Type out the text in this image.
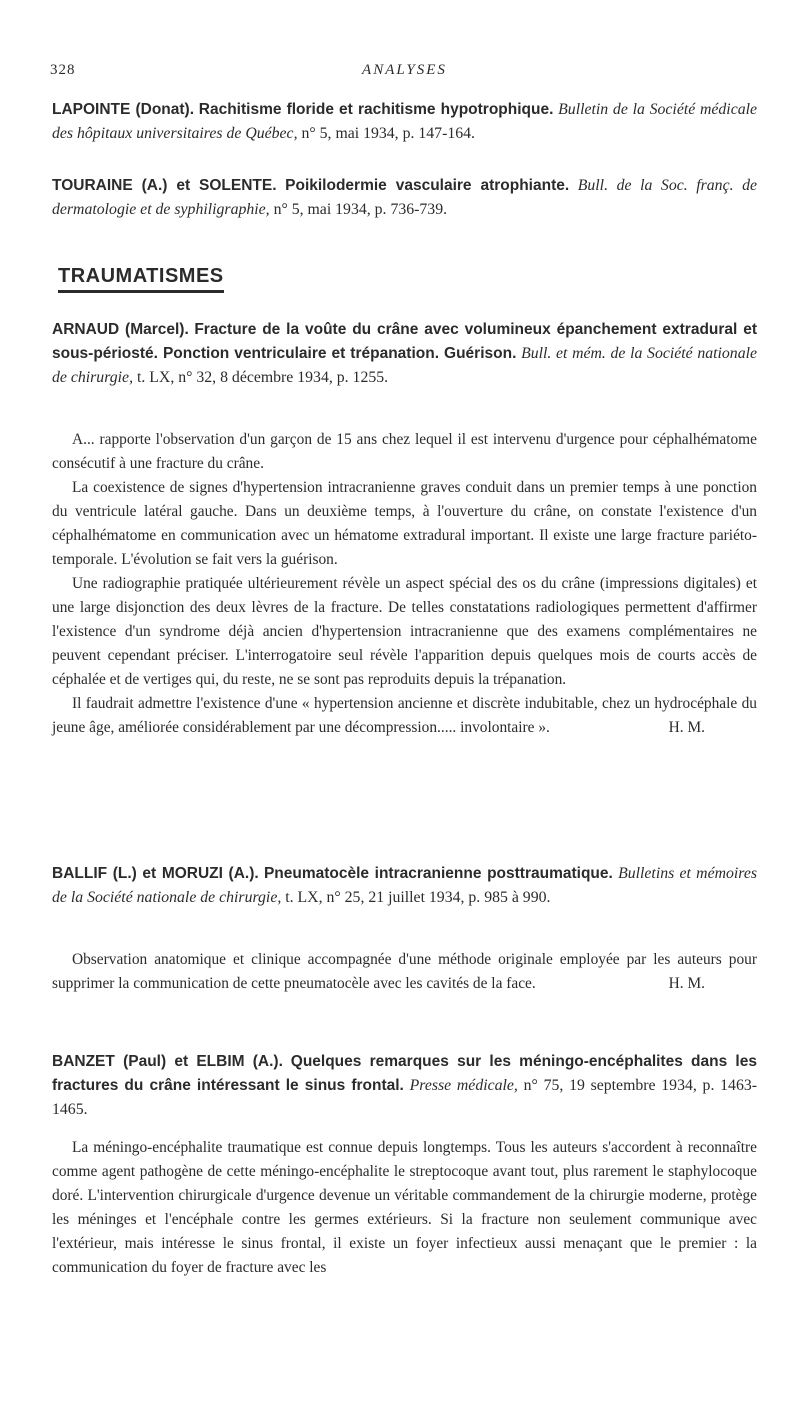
328	ANALYSES
LAPOINTE (Donat). Rachitisme floride et rachitisme hypotrophique. Bulletin de la Société médicale des hôpitaux universitaires de Québec, n° 5, mai 1934, p. 147-164.
TOURAINE (A.) et SOLENTE. Poikilodermie vasculaire atrophiante. Bull. de la Soc. franç. de dermatologie et de syphiligraphie, n° 5, mai 1934, p. 736-739.
TRAUMATISMES
ARNAUD (Marcel). Fracture de la voûte du crâne avec volumineux épanchement extradural et sous-périosté. Ponction ventriculaire et trépanation. Guérison. Bull. et mém. de la Société nationale de chirurgie, t. LX, n° 32, 8 décembre 1934, p. 1255.

A... rapporte l'observation d'un garçon de 15 ans chez lequel il est intervenu d'urgence pour céphalhématome consécutif à une fracture du crâne.

La coexistence de signes d'hypertension intracranienne graves conduit dans un premier temps à une ponction du ventricule latéral gauche. Dans un deuxième temps, à l'ouverture du crâne, on constate l'existence d'un céphalhématome en communication avec un hématome extradural important. Il existe une large fracture pariéto-temporale. L'évolution se fait vers la guérison.

Une radiographie pratiquée ultérieurement révèle un aspect spécial des os du crâne (impressions digitales) et une large disjonction des deux lèvres de la fracture. De telles constatations radiologiques permettent d'affirmer l'existence d'un syndrome déjà ancien d'hypertension intracranienne que des examens complémentaires ne peuvent cependant préciser. L'interrogatoire seul révèle l'apparition depuis quelques mois de courts accès de céphalée et de vertiges qui, du reste, ne se sont pas reproduits depuis la trépanation.

Il faudrait admettre l'existence d'une « hypertension ancienne et discrète indubitable, chez un hydrocéphale du jeune âge, améliorée considérablement par une décompression..... involontaire ».	H. M.

BALLIF (L.) et MORUZI (A.). Pneumatocèle intracranienne posttraumatique. Bulletins et mémoires de la Société nationale de chirurgie, t. LX, n° 25, 21 juillet 1934, p. 985 à 990.

Observation anatomique et clinique accompagnée d'une méthode originale employée par les auteurs pour supprimer la communication de cette pneumatocèle avec les cavités de la face.	H. M.

BANZET (Paul) et ELBIM (A.). Quelques remarques sur les méningo-encéphalites dans les fractures du crâne intéressant le sinus frontal. Presse médicale, n° 75, 19 septembre 1934, p. 1463-1465.

La méningo-encéphalite traumatique est connue depuis longtemps. Tous les auteurs s'accordent à reconnaître comme agent pathogène de cette méningo-encéphalite le streptocoque avant tout, plus rarement le staphylocoque doré. L'intervention chirurgicale d'urgence devenue un véritable commandement de la chirurgie moderne, protège les méninges et l'encéphale contre les germes extérieurs. Si la fracture non seulement communique avec l'extérieur, mais intéresse le sinus frontal, il existe un foyer infectieux aussi menaçant que le premier : la communication du foyer de fracture avec les
